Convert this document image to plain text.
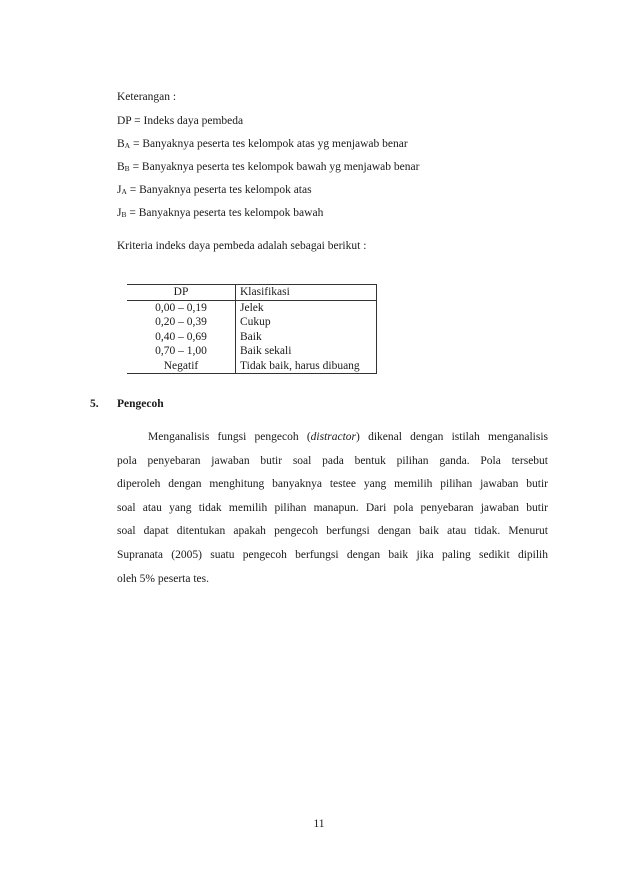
Keterangan :
DP = Indeks daya pembeda
$B_A$ = Banyaknya peserta tes kelompok atas yg menjawab benar
$B_B$ = Banyaknya peserta tes kelompok bawah yg menjawab benar
$J_A$ = Banyaknya peserta tes kelompok atas
$J_B$ = Banyaknya peserta tes kelompok bawah
Kriteria indeks daya pembeda adalah sebagai berikut :
DP	Klasifikasi
0,00 – 0,19	Jelek
0,20 – 0,39	Cukup
0,40 – 0,69	Baik
0,70 – 1,00	Baik sekali
Negatif	Tidak baik, harus dibuang
5. Pengecoh
Menganalisis fungsi pengecoh (distractor) dikenal dengan istilah menganalisis
pola penyebaran jawaban butir soal pada bentuk pilihan ganda. Pola tersebut
diperoleh dengan menghitung banyaknya testee yang memilih pilihan jawaban butir
soal atau yang tidak memilih pilihan manapun. Dari pola penyebaran jawaban butir
soal dapat ditentukan apakah pengecoh berfungsi dengan baik atau tidak. Menurut
Supranata (2005) suatu pengecoh berfungsi dengan baik jika paling sedikit dipilih
oleh 5% peserta tes.
11
